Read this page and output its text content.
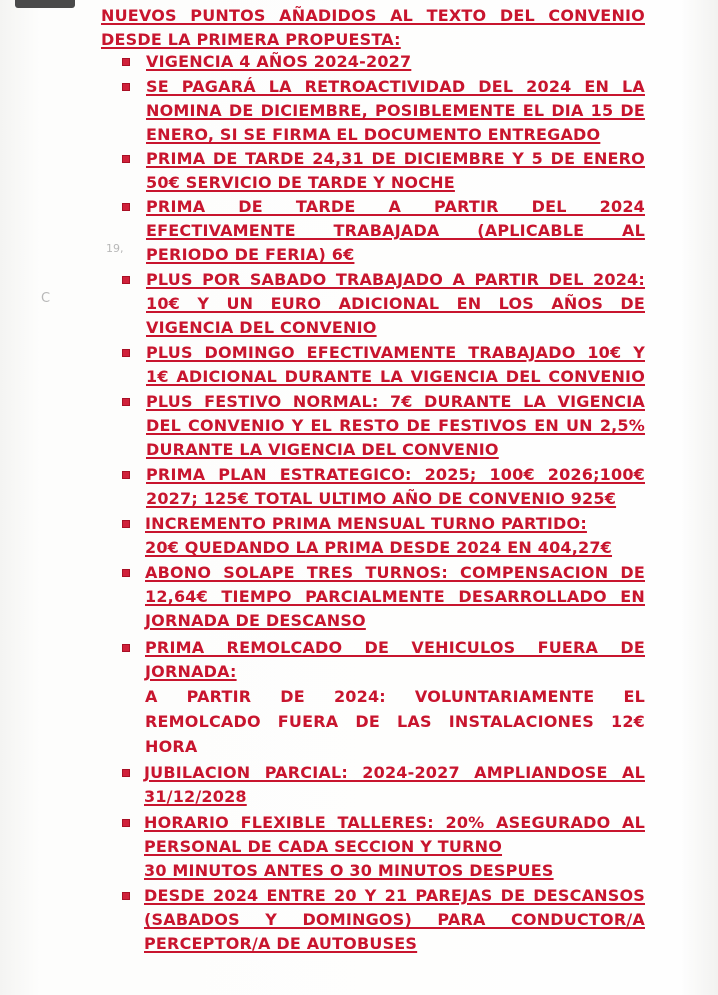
19,
C
NUEVOS PUNTOS AÑADIDOS AL TEXTO DEL CONVENIO
DESDE LA PRIMERA PROPUESTA:
VIGENCIA 4 AÑOS 2024-2027
SE PAGARÁ LA RETROACTIVIDAD DEL 2024 EN LA
NOMINA DE DICIEMBRE, POSIBLEMENTE EL DIA 15 DE
ENERO, SI SE FIRMA EL DOCUMENTO ENTREGADO
PRIMA DE TARDE 24,31 DE DICIEMBRE Y 5 DE ENERO
50€ SERVICIO DE TARDE Y NOCHE
PRIMA DE TARDE A PARTIR DEL 2024
EFECTIVAMENTE TRABAJADA (APLICABLE AL
PERIODO DE FERIA) 6€
PLUS POR SABADO TRABAJADO A PARTIR DEL 2024:
10€ Y UN EURO ADICIONAL EN LOS AÑOS DE
VIGENCIA DEL CONVENIO
PLUS DOMINGO EFECTIVAMENTE TRABAJADO 10€ Y
1€ ADICIONAL DURANTE LA VIGENCIA DEL CONVENIO
PLUS FESTIVO NORMAL: 7€ DURANTE LA VIGENCIA
DEL CONVENIO Y EL RESTO DE FESTIVOS EN UN 2,5%
DURANTE LA VIGENCIA DEL CONVENIO
PRIMA PLAN ESTRATEGICO: 2025; 100€ 2026;100€
2027; 125€ TOTAL ULTIMO AÑO DE CONVENIO 925€
INCREMENTO PRIMA MENSUAL TURNO PARTIDO:
20€ QUEDANDO LA PRIMA DESDE 2024 EN 404,27€
ABONO SOLAPE TRES TURNOS: COMPENSACION DE
12,64€ TIEMPO PARCIALMENTE DESARROLLADO EN
JORNADA DE DESCANSO
PRIMA REMOLCADO DE VEHICULOS FUERA DE
JORNADA:
A PARTIR DE 2024: VOLUNTARIAMENTE EL
REMOLCADO FUERA DE LAS INSTALACIONES 12€
HORA
JUBILACION PARCIAL: 2024-2027 AMPLIANDOSE AL
31/12/2028
HORARIO FLEXIBLE TALLERES: 20% ASEGURADO AL
PERSONAL DE CADA SECCION Y TURNO
30 MINUTOS ANTES O 30 MINUTOS DESPUES
DESDE 2024 ENTRE 20 Y 21 PAREJAS DE DESCANSOS
(SABADOS Y DOMINGOS) PARA CONDUCTOR/A
PERCEPTOR/A DE AUTOBUSES
